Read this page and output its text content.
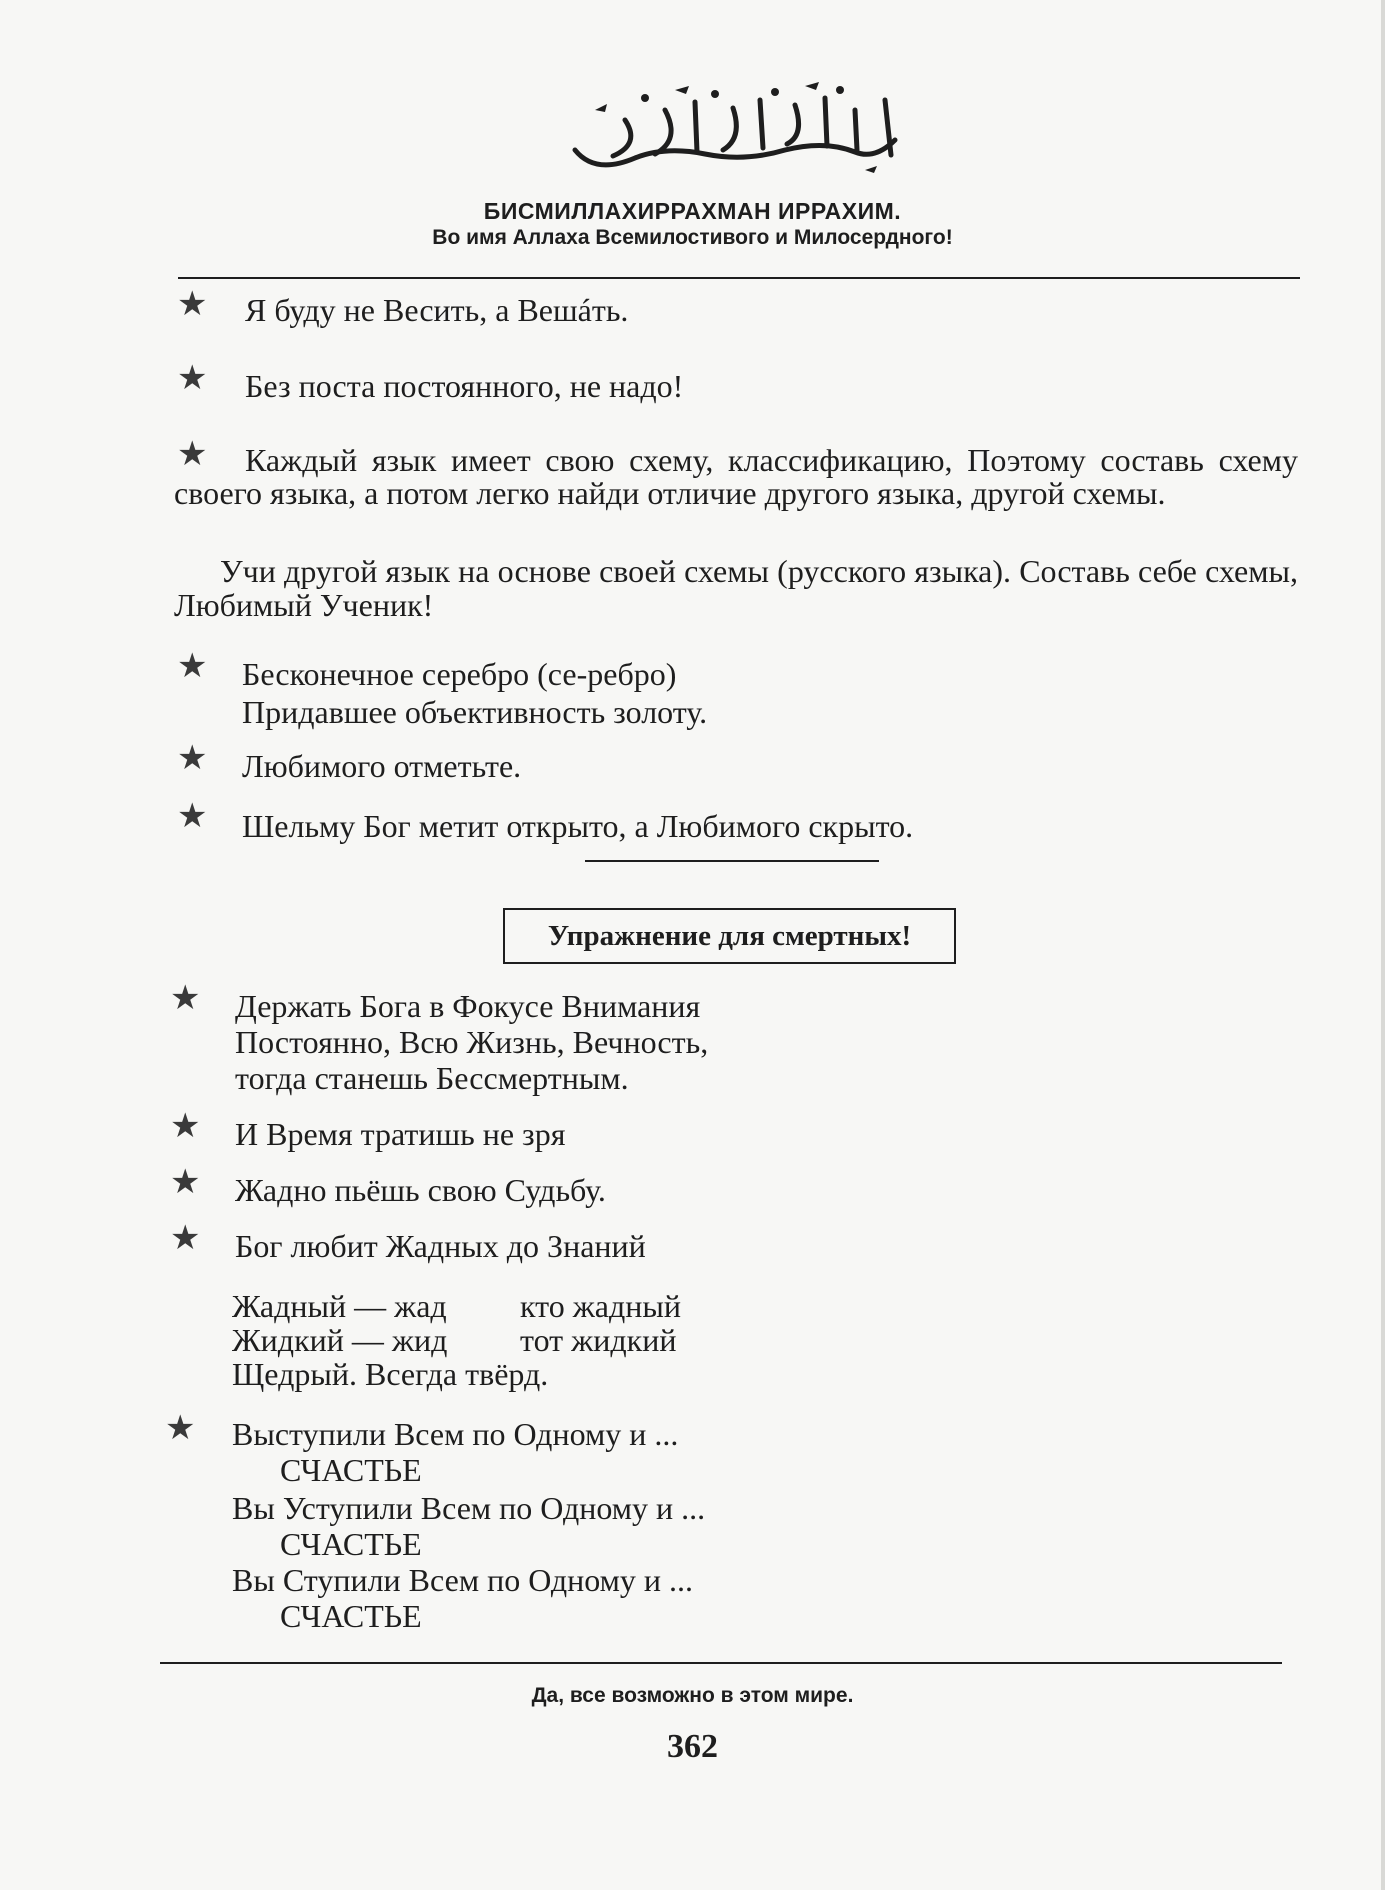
БИСМИЛЛАХИРРАХМАН ИРРАХИМ.
Во имя Аллаха Всемилостивого и Милосердного!
★ Я буду не Весить, а Вешáть.
★ Без поста постоянного, не надо!
★	Каждый язык имеет свою схему, классификацию, Поэтому составь схему своего языка, а потом легко найди отличие другого языка, другой схемы.
Учи другой язык на основе своей схемы (русского языка). Составь себе схемы, Любимый Ученик!
★ Бесконечное серебро (се-ребро)
Придавшее объективность золоту.
★ Любимого отметьте.
★ Шельму Бог метит открыто, а Любимого скрыто.
Упражнение для смертных!
★ Держать Бога в Фокусе Внимания
Постоянно, Всю Жизнь, Вечность,
тогда станешь Бессмертным.
★ И Время тратишь не зря
★ Жадно пьёшь свою Судьбу.
★ Бог любит Жадных до Знаний
Жадный — жад кто жадный
Жидкий — жид тот жидкий
Щедрый. Всегда твёрд.
★ Выступили Всем по Одному и ...
СЧАСТЬЕ
Вы Уступили Всем по Одному и ...
СЧАСТЬЕ
Вы Ступили Всем по Одному и ...
СЧАСТЬЕ
Да, все возможно в этом мире.
362
